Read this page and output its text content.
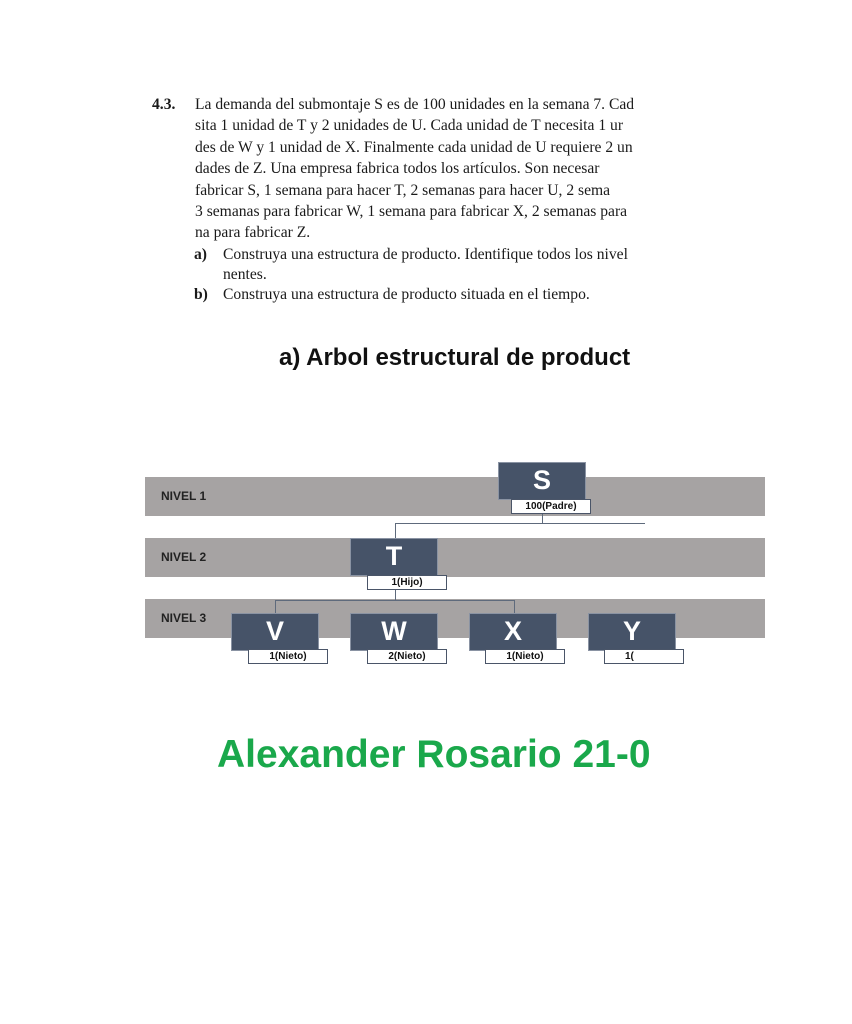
4.3. La demanda del submontaje S es de 100 unidades en la semana 7. Cad
sita 1 unidad de T y 2 unidades de U. Cada unidad de T necesita 1 ur
des de W y 1 unidad de X. Finalmente cada unidad de U requiere 2 un
dades de Z. Una empresa fabrica todos los artículos. Son necesar
fabricar S, 1 semana para hacer T, 2 semanas para hacer U, 2 sema
3 semanas para fabricar W, 1 semana para fabricar X, 2 semanas para
na para fabricar Z.
a) Construya una estructura de producto. Identifique todos los nivel
nentes.
b) Construya una estructura de producto situada en el tiempo.
a) Arbol estructural de product
NIVEL 1
NIVEL 2
NIVEL 3
S
100(Padre)
T
1(Hijo)
V
1(Nieto)
W
2(Nieto)
X
1(Nieto)
Y
1(
Alexander Rosario 21-0
